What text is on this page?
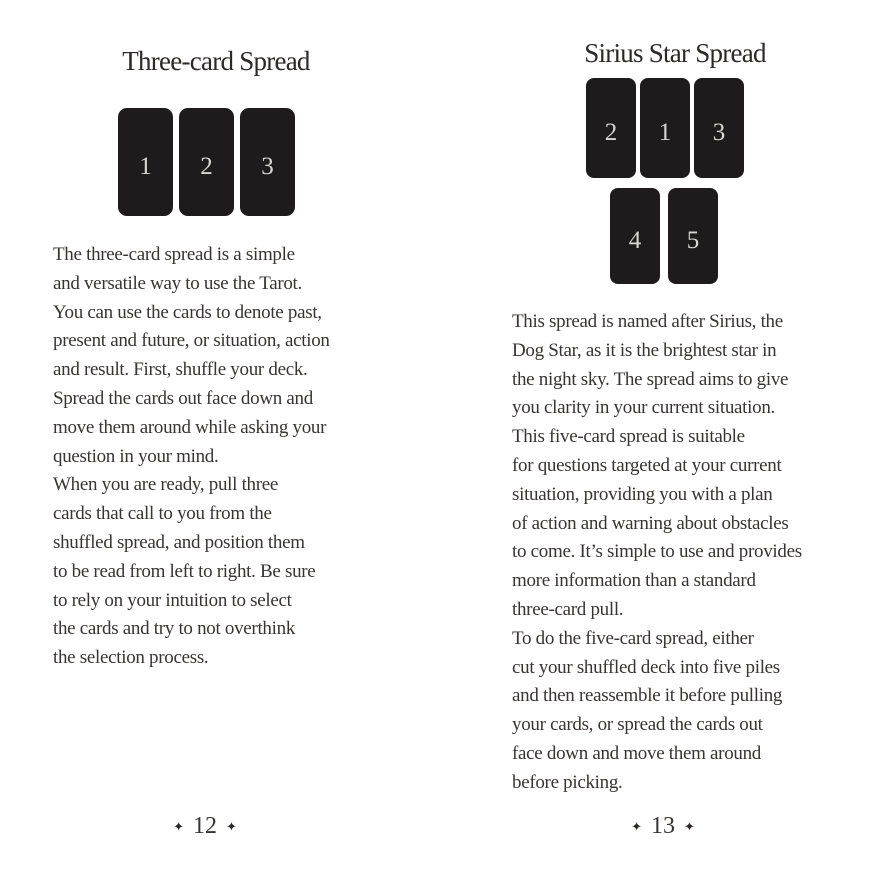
Three-card Spread
1 2 3
The three-card spread is a simple
and versatile way to use the Tarot.
You can use the cards to denote past,
present and future, or situation, action
and result. First, shuffle your deck.
Spread the cards out face down and
move them around while asking your
question in your mind.
When you are ready, pull three
cards that call to you from the
shuffled spread, and position them
to be read from left to right. Be sure
to rely on your intuition to select
the cards and try to not overthink
the selection process.
✦ 12 ✦
Sirius Star Spread
2 1 3
4 5
This spread is named after Sirius, the
Dog Star, as it is the brightest star in
the night sky. The spread aims to give
you clarity in your current situation.
This five-card spread is suitable
for questions targeted at your current
situation, providing you with a plan
of action and warning about obstacles
to come. It’s simple to use and provides
more information than a standard
three-card pull.
To do the five-card spread, either
cut your shuffled deck into five piles
and then reassemble it before pulling
your cards, or spread the cards out
face down and move them around
before picking.
✦ 13 ✦
